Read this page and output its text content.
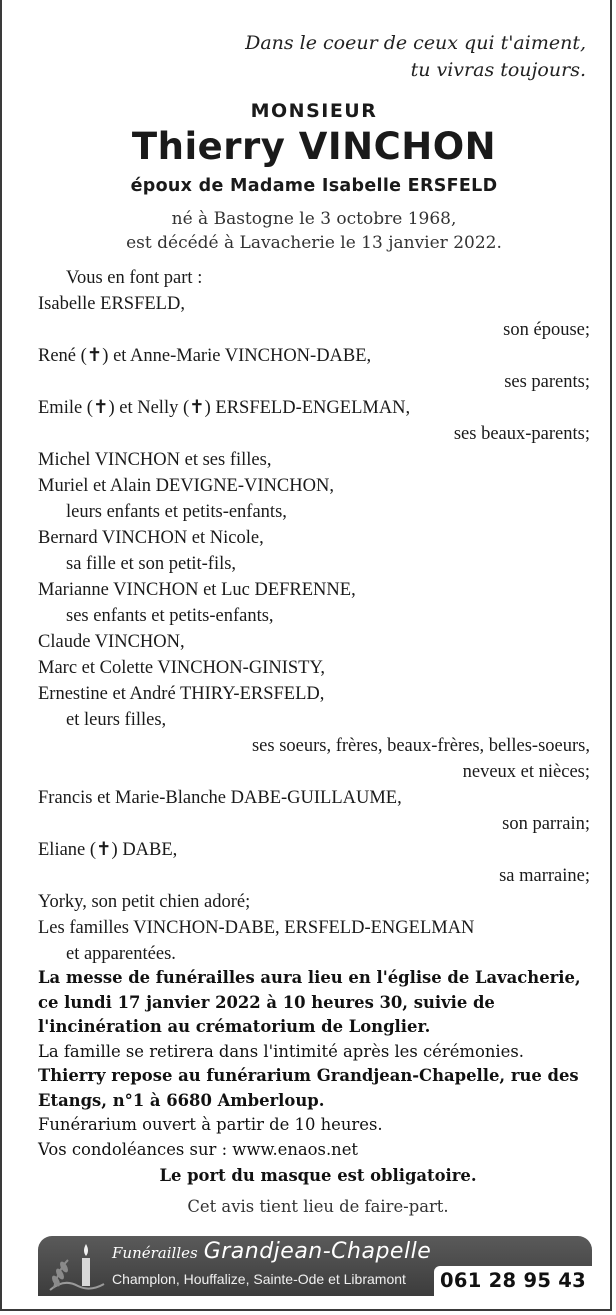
Dans le coeur de ceux qui t'aiment,
tu vivras toujours.
MONSIEUR
Thierry VINCHON
époux de Madame Isabelle ERSFELD
né à Bastogne le 3 octobre 1968,
est décédé à Lavacherie le 13 janvier 2022.
Vous en font part :
Isabelle ERSFELD,
son épouse;
René (✝) et Anne-Marie VINCHON-DABE,
ses parents;
Emile (✝) et Nelly (✝) ERSFELD-ENGELMAN,
ses beaux-parents;
Michel VINCHON et ses filles,
Muriel et Alain DEVIGNE-VINCHON,
leurs enfants et petits-enfants,
Bernard VINCHON et Nicole,
sa fille et son petit-fils,
Marianne VINCHON et Luc DEFRENNE,
ses enfants et petits-enfants,
Claude VINCHON,
Marc et Colette VINCHON-GINISTY,
Ernestine et André THIRY-ERSFELD,
et leurs filles,
ses soeurs, frères, beaux-frères, belles-soeurs,
neveux et nièces;
Francis et Marie-Blanche DABE-GUILLAUME,
son parrain;
Eliane (✝) DABE,
sa marraine;
Yorky, son petit chien adoré;
Les familles VINCHON-DABE, ERSFELD-ENGELMAN
et apparentées.
La messe de funérailles aura lieu en l'église de Lavacherie, ce lundi 17 janvier 2022 à 10 heures 30, suivie de l'incinération au crématorium de Longlier.
La famille se retirera dans l'intimité après les cérémonies.
Thierry repose au funérarium Grandjean-Chapelle, rue des Etangs, n°1 à 6680 Amberloup.
Funérarium ouvert à partir de 10 heures.
Vos condoléances sur : www.enaos.net
Le port du masque est obligatoire.
Cet avis tient lieu de faire-part.
Funérailles Grandjean-Chapelle
Champlon, Houffalize, Sainte-Ode et Libramont	061 28 95 43
